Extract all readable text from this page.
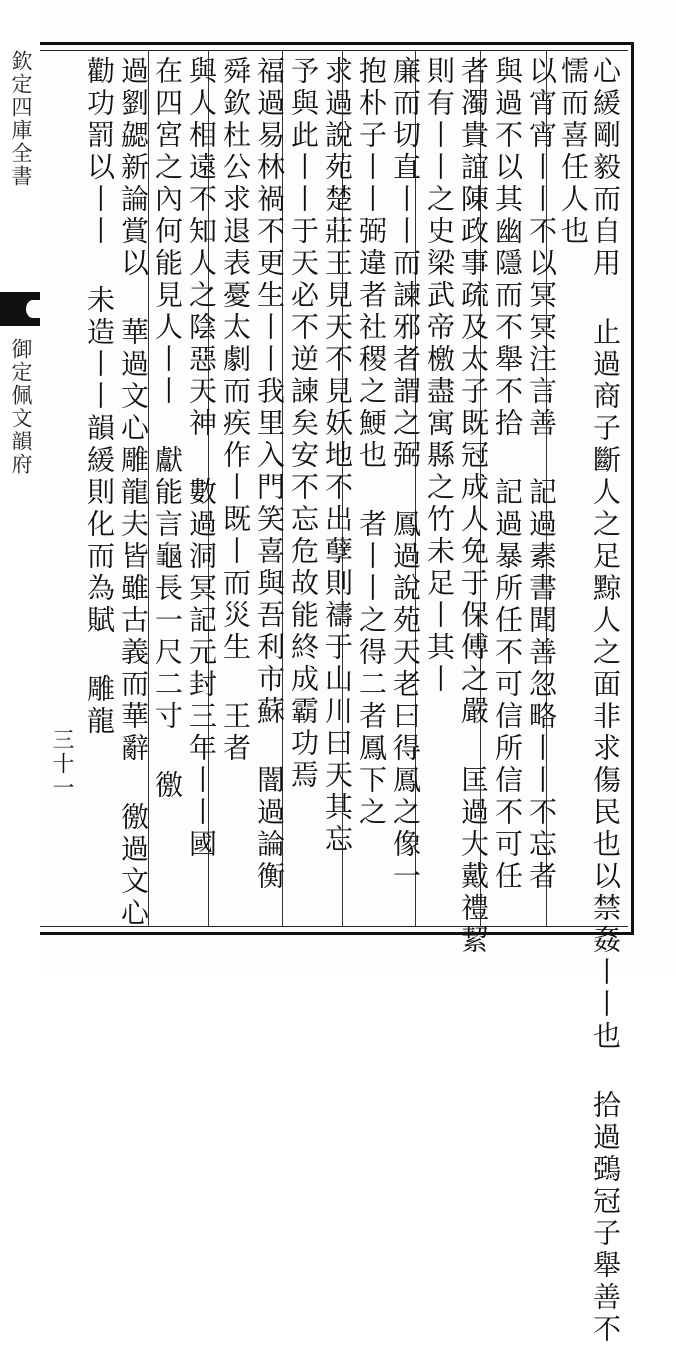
欽定四庫全書
御定佩文韻府	心緩剛毅而自用 止過商子斷人之足黥人之面非求傷民也以禁姦丨丨也 拾過鵶冠子舉善不
懦而喜任人也
以宵宵丨丨不以冥冥注言善 記過素書聞善忽略丨丨不忘者
與過不以其幽隱而不舉不拾 記過暴所任不可信所信不可任
者濁貴誼陳政事疏及太子既冠成人免于保傅之嚴 匡過大戴禮絜
則有丨丨之史梁武帝檄盡寓縣之竹未足丨其丨
廉而切直丨丨而諫邪者謂之弼 鳳過說苑天老曰得鳳之像一
抱朴子丨丨弼違者社稷之鯁也 者丨丨之得二者鳳下之
求過說苑楚莊王見天不見妖地不出孽則禱于山川曰天其忘
予與此丨丨于天必不逆諫矣安不忘危故能終成霸功焉
福過易林禍不更生丨丨我里入門笑喜與吾利市蘇 闇過論衡
舜欽杜公求退表憂太劇而疾作丨既丨而災生 王者
與人相遠不知人之陰惡天神 數過洞冥記元封三年丨丨國
在四宮之內何能見人丨丨 獻能言龜長一尺二寸 徼
過劉勰新論賞以 華過文心雕龍夫皆雖古義而華辭 徼過文心
勸功罰以丨丨 未造丨丨韻緩則化而為賦 雕龍
三十一
